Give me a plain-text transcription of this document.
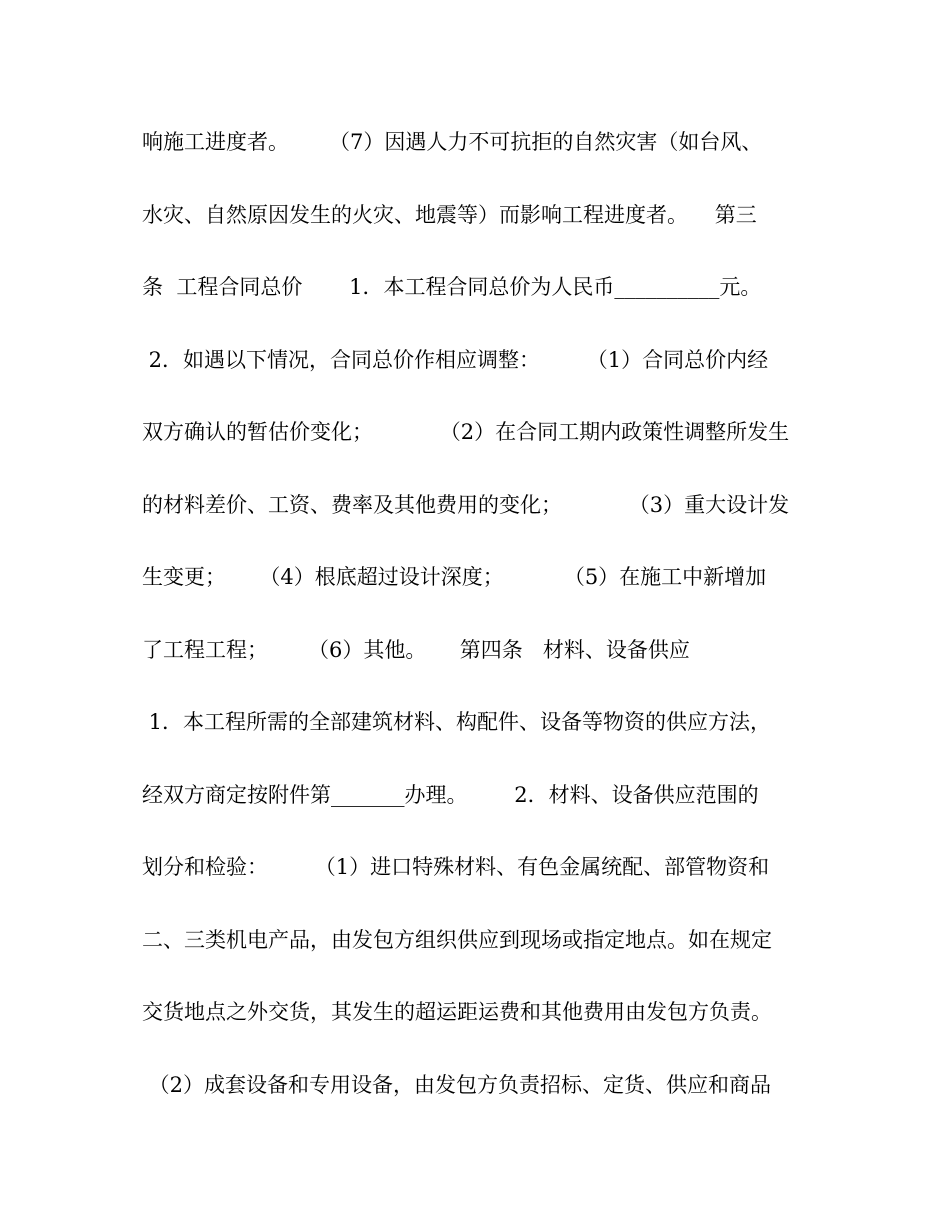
响施工进度者。      （7）因遇人力不可抗拒的自然灾害（如台风、
水灾、自然原因发生的火灾、地震等）而影响工程进度者。    第三
条  工程合同总价       1．本工程合同总价为人民币__________元。
2．如遇以下情况，合同总价作相应调整：       （1）合同总价内经
双方确认的暂估价变化；          （2）在合同工期内政策性调整所发生
的材料差价、工资、费率及其他费用的变化；          （3）重大设计发
生变更；     （4）根底超过设计深度；         （5）在施工中新增加
了工程工程；      （6）其他。     第四条   材料、设备供应
1．本工程所需的全部建筑材料、构配件、设备等物资的供应方法，
经双方商定按附件第_______办理。       2．材料、设备供应范围的
划分和检验：       （1）进口特殊材料、有色金属统配、部管物资和
二、三类机电产品，由发包方组织供应到现场或指定地点。如在规定
交货地点之外交货，其发生的超运距运费和其他费用由发包方负责。
（2）成套设备和专用设备，由发包方负责招标、定货、供应和商品
